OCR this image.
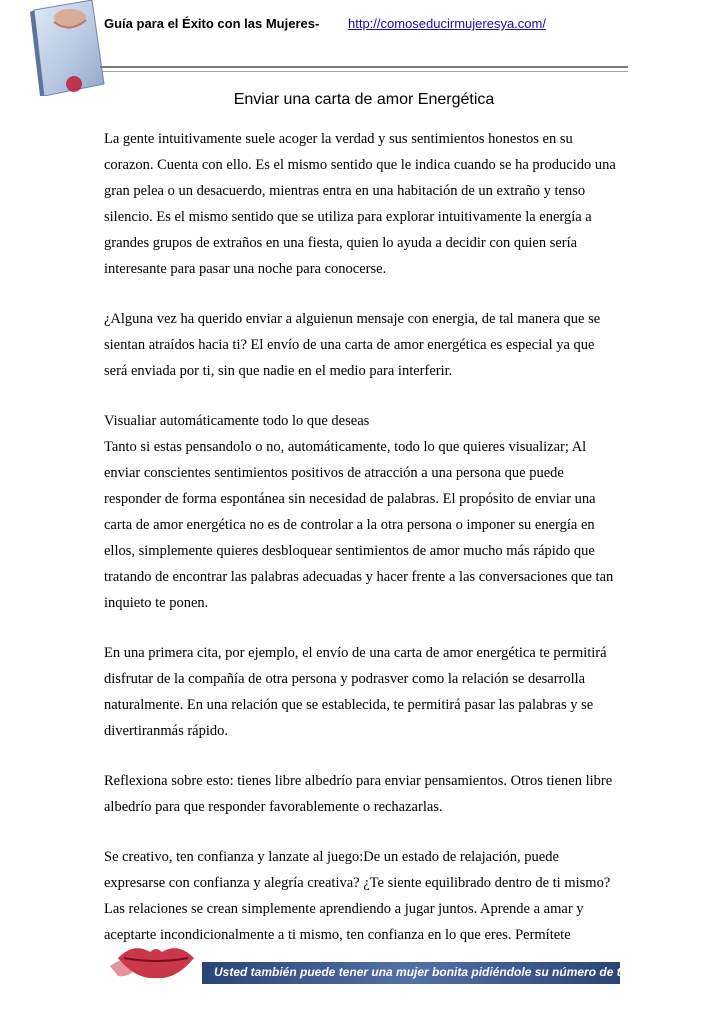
Guía para el Éxito con las Mujeres- http://comoseducirmujeresya.com/
Enviar una carta de amor Energética

La gente intuitivamente suele acoger la verdad y sus sentimientos honestos en su
corazon. Cuenta con ello. Es el mismo sentido que le indica cuando se ha producido una
gran pelea o un desacuerdo, mientras entra en una habitación de un extraño y tenso
silencio. Es el mismo sentido que se utiliza para explorar intuitivamente la energía a
grandes grupos de extraños en una fiesta, quien lo ayuda a decidir con quien sería
interesante para pasar una noche para conocerse.

¿Alguna vez ha querido enviar a alguienun mensaje con energia, de tal manera que se
sientan atraídos hacia ti? El envío de una carta de amor energética es especial ya que
será enviada por ti, sin que nadie en el medio para interferir.

Visualiar automáticamente todo lo que deseas

Tanto si estas pensandolo o no, automáticamente, todo lo que quieres visualizar; Al
enviar conscientes sentimientos positivos de atracción a una persona que puede
responder de forma espontánea sin necesidad de palabras. El propósito de enviar una
carta de amor energética no es de controlar a la otra persona o imponer su energía en
ellos, simplemente quieres desbloquear sentimientos de amor mucho más rápido que
tratando de encontrar las palabras adecuadas y hacer frente a las conversaciones que tan
inquieto te ponen.

En una primera cita, por ejemplo, el envío de una carta de amor energética te permitirá
disfrutar de la compañía de otra persona y podrasver como la relación se desarrolla
naturalmente. En una relación que se establecida, te permitirá pasar las palabras y se
divertiranmás rápido.

Reflexiona sobre esto: tienes libre albedrío para enviar pensamientos. Otros tienen libre
albedrío para que responder favorablemente o rechazarlas.

Se creativo, ten confianza y lanzate al juego:De un estado de relajación, puede
expresarse con confianza y alegría creativa? ¿Te siente equilibrado dentro de ti mismo?
Las relaciones se crean simplemente aprendiendo a jugar juntos. Aprende a amar y
aceptarte incondicionalmente a ti mismo, ten confianza en lo que eres. Permítete

Usted también puede tener una mujer bonita pidiéndole su número de teléfono
